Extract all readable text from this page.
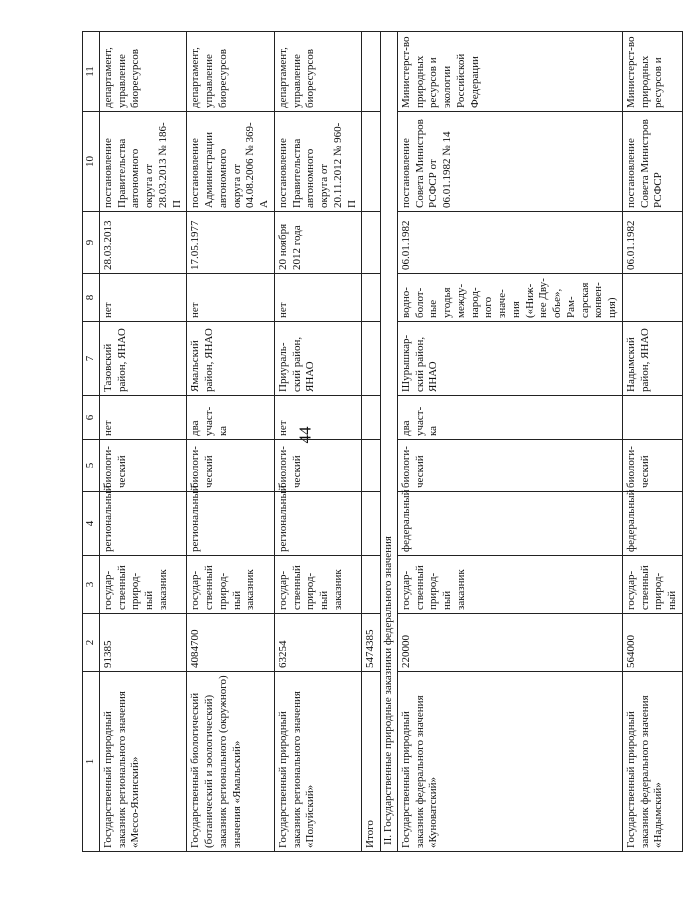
44
1	2	3	4	5	6	7	8	9	10	11
Государственный природный заказник регионального значения «Мессо-Яхинский»	91385	государ-ственный природ-ный заказник	региональный	биологи-ческий	нет	Тазовский район, ЯНАО	нет	28.03.2013	постановление Правительства автономного округа от 28.03.2013 № 186-П	департамент, управление биоресурсов
Государственный биологический (ботанический и зоологический) заказник регионального (окружного) значения «Ямальский»	4084700	государ-ственный природ-ный заказник	региональный	биологи-ческий	два участ-ка	Ямальский район, ЯНАО	нет	17.05.1977	постановление Администрации автономного округа от 04.08.2006 № 369-А	департамент, управление биоресурсов
Государственный природный заказник регионального значения «Полуйский»	63254	государ-ственный природ-ный заказник	региональный	биологи-ческий	нет	Приураль-ский район, ЯНАО	нет	20 ноября 2012 года	постановление Правительства автономного округа от 20.11.2012 № 960-П	департамент, управление биоресурсов
Итого	5474385									
II. Государственные природные заказники федерального значения										
Государственный природный заказник федерального значения «Куноватский»	220000	государ-ственный природ-ный заказник	федеральный	биологи-ческий	два участ-ка	Шурышкар-ский район, ЯНАО	водно-болот-ные угодья между-народ-ного значе-ния («Ниж-нее Дву-обье», Рам-сарская конвен-ция)	06.01.1982	постановление Совета Министров РСФСР от 06.01.1982 № 14	Министерст-во природных ресурсов и экологии Российской Федерации
Государственный природный заказник федерального значения «Надымский»	564000	государ-ственный природ-ный	федеральный	биологи-ческий		Надымский район, ЯНАО		06.01.1982	постановление Совета Министров РСФСР	Министерст-во природных ресурсов и
